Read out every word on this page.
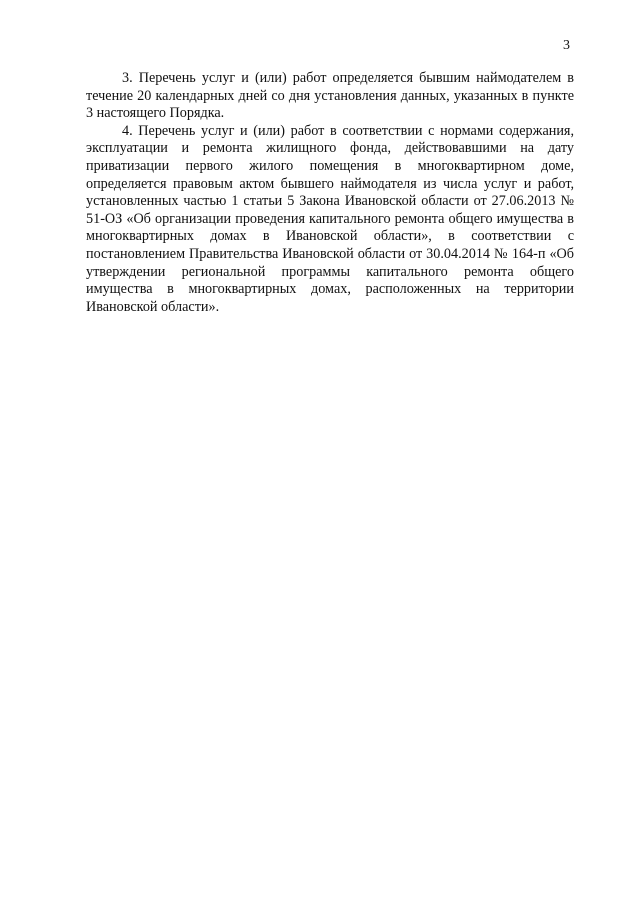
3

3. Перечень услуг и (или) работ определяется бывшим наймодателем в течение 20 календарных дней со дня установления данных, указанных в пункте 3 настоящего Порядка.

4. Перечень услуг и (или) работ в соответствии с нормами содержания, эксплуатации и ремонта жилищного фонда, действовавшими на дату приватизации первого жилого помещения в многоквартирном доме, определяется правовым актом бывшего наймодателя из числа услуг и работ, установленных частью 1 статьи 5 Закона Ивановской области от 27.06.2013 № 51-ОЗ «Об организации проведения капитального ремонта общего имущества в многоквартирных домах в Ивановской области», в соответствии с постановлением Правительства Ивановской области от 30.04.2014 № 164-п «Об утверждении региональной программы капитального ремонта общего имущества в многоквартирных домах, расположенных на территории Ивановской области».
